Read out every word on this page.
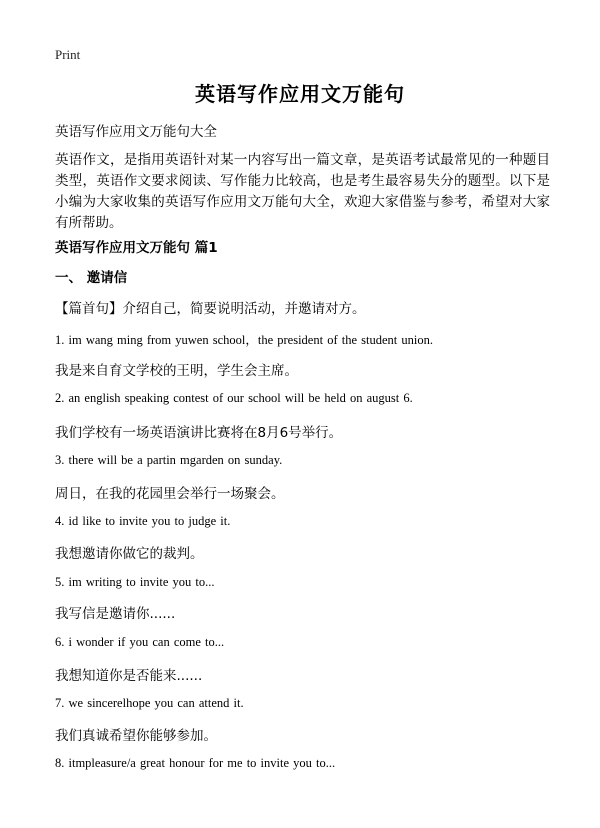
Print
英语写作应用文万能句
英语写作应用文万能句大全
英语作文，是指用英语针对某一内容写出一篇文章，是英语考试最常见的一种题目类型，英语作文要求阅读、写作能力比较高，也是考生最容易失分的题型。以下是小编为大家收集的英语写作应用文万能句大全，欢迎大家借鉴与参考，希望对大家有所帮助。
英语写作应用文万能句 篇1
一、 邀请信
【篇首句】介绍自己，简要说明活动，并邀请对方。
1. im wang ming from yuwen school，the president of the student union.
我是来自育文学校的王明，学生会主席。
2. an english speaking contest of our school will be held on august 6.
我们学校有一场英语演讲比赛将在8月6号举行。
3. there will be a partin mgarden on sunday.
周日，在我的花园里会举行一场聚会。
4. id like to invite you to judge it.
我想邀请你做它的裁判。
5. im writing to invite you to...
我写信是邀请你......
6. i wonder if you can come to...
我想知道你是否能来......
7. we sincerelhope you can attend it.
我们真诚希望你能够参加。
8. itmpleasure/a great honour for me to invite you to...
